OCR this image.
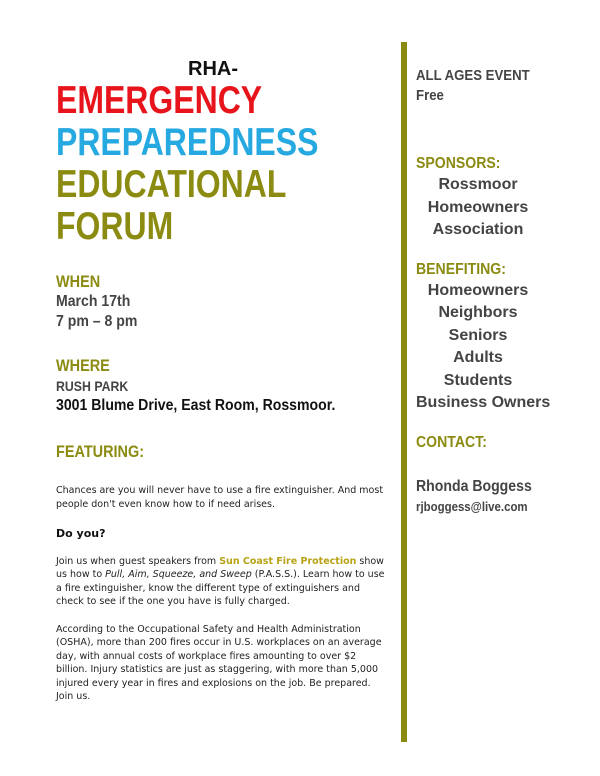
RHA-
EMERGENCY
PREPAREDNESS
EDUCATIONAL
FORUM
WHEN
March 17th
7 pm – 8 pm
WHERE
RUSH PARK
3001 Blume Drive, East Room, Rossmoor.
FEATURING:
Chances are you will never have to use a fire extinguisher. And most people don't even know how to if need arises.
Do you?
Join us when guest speakers from Sun Coast Fire Protection show us how to Pull, Aim, Squeeze, and Sweep (P.A.S.S.). Learn how to use a fire extinguisher, know the different type of extinguishers and check to see if the one you have is fully charged.
According to the Occupational Safety and Health Administration (OSHA), more than 200 fires occur in U.S. workplaces on an average day, with annual costs of workplace fires amounting to over $2 billion. Injury statistics are just as staggering, with more than 5,000 injured every year in fires and explosions on the job. Be prepared. Join us.
ALL AGES EVENT
Free
SPONSORS:
Rossmoor
Homeowners
Association
BENEFITING:
Homeowners
Neighbors
Seniors
Adults
Students
Business Owners
CONTACT:
Rhonda Boggess
rjboggess@live.com
